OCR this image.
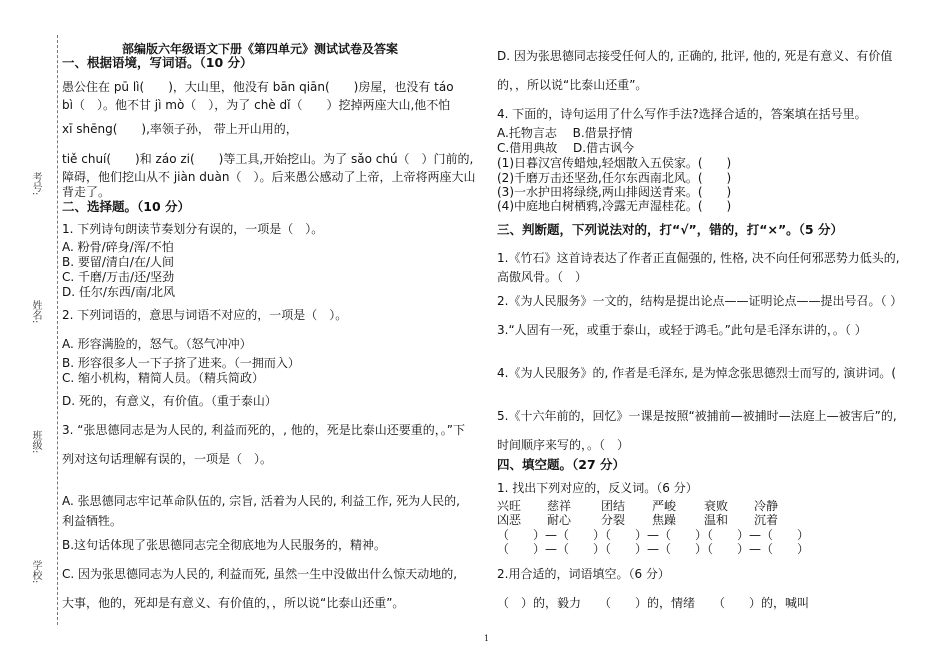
考号:
姓名:
班级:
学校:
部编版六年级语文下册《第四单元》测试试卷及答案
一、根据语境，写词语。（10 分）
愚公住在 pū lì(　　)，大山里，他没有 bān qiān(　　)房屋，也没有 táo
bì（　）。他不甘 jì mò（　），为了 chè dǐ（　　）挖掉两座大山,他不怕
xī shēng(　　),率领子孙， 带上开山用的，
tiě chuí(　　)和 záo zi(　　)等工具,开始挖山。为了 sǎo chú（　）门前的,
障碍，他们挖山从不 jiàn duàn（　）。后来愚公感动了上帝，上帝将两座大山
背走了。
二、选择题。（10 分）
1. 下列诗句朗读节奏划分有误的，一项是（　）。
A. 粉骨/碎身/浑/不怕
B. 要留/清白/在/人间
C. 千磨/万击/还/坚劲
D. 任尔/东西/南/北风
2. 下列词语的，意思与词语不对应的，一项是（　）。
A. 形容满脸的，怒气。（怒气冲冲）
B. 形容很多人一下子挤了进来。（一拥而入）
C. 缩小机构，精简人员。（精兵简政）
D. 死的，有意义，有价值。（重于泰山）
3. “张思德同志是为人民的, 利益而死的，, 他的，死是比泰山还要重的，。”下
列对这句话理解有误的，一项是（　）。
A. 张思德同志牢记革命队伍的, 宗旨, 活着为人民的, 利益工作, 死为人民的,
利益牺牲。
B.这句话体现了张思德同志完全彻底地为人民服务的，精神。
C. 因为张思德同志为人民的, 利益而死, 虽然一生中没做出什么惊天动地的,
大事，他的，死却是有意义、有价值的，，所以说“比泰山还重”。
D. 因为张思德同志接受任何人的, 正确的, 批评, 他的, 死是有意义、有价值
的，，所以说“比泰山还重”。
4. 下面的，诗句运用了什么写作手法?选择合适的，答案填在括号里。
A.托物言志　 B.借景抒情
C.借用典故　 D.借古讽今
(1)日暮汉宫传蜡烛,轻烟散入五侯家。(　　)
(2)千磨万击还坚劲,任尔东西南北风。(　　)
(3)一水护田将绿绕,两山排闼送青来。(　　)
(4)中庭地白树栖鸦,冷露无声湿桂花。(　　)
三、判断题，下列说法对的，打“√”，错的，打“×”。（5 分）
1.《竹石》这首诗表达了作者正直倔强的, 性格, 决不向任何邪恶势力低头的,
高傲风骨。（　）
2.《为人民服务》一文的，结构是提出论点——证明论点——提出号召。（ ）
3.“人固有一死，或重于泰山，或轻于鸿毛。”此句是毛泽东讲的，。（ ）
4.《为人民服务》的, 作者是毛泽东, 是为悼念张思德烈士而写的, 演讲词。(
5.《十六年前的，回忆》一课是按照“被捕前—被捕时—法庭上—被害后”的,
时间顺序来写的，。（　）
四、填空题。（27 分）
1. 找出下列对应的，反义词。（6 分）
兴旺 慈祥 团结 严峻 衰败 冷静
凶恶 耐心 分裂 焦躁 温和 沉着
（　　）—（　　）（　　）—（　　）（　　）—（　　）
（　　）—（　　）（　　）—（　　）（　　）—（　　）
2.用合适的，词语填空。（6 分）
（　）的，毅力　　（　　）的，情绪　　（　　）的，喊叫
1
